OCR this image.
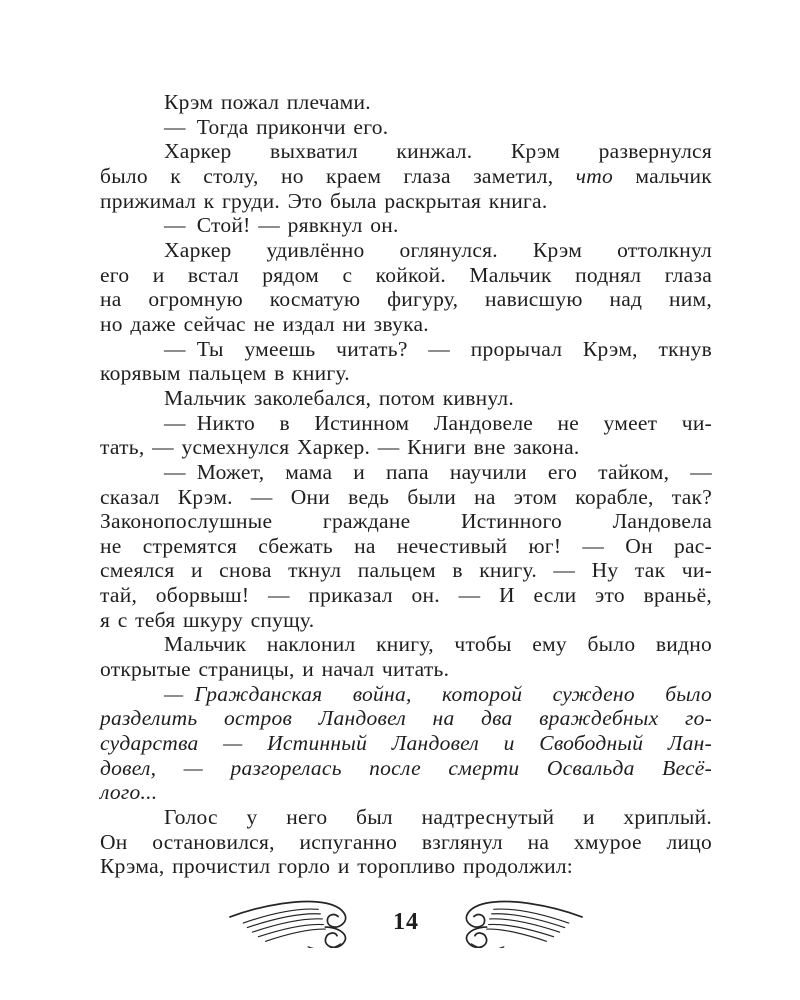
Крэм пожал плечами.
— Тогда прикончи его.
Харкер выхватил кинжал. Крэм развернулся
было к столу, но краем глаза заметил, что мальчик
прижимал к груди. Это была раскрытая книга.
— Стой! — рявкнул он.
Харкер удивлённо оглянулся. Крэм оттолкнул
его и встал рядом с койкой. Мальчик поднял глаза
на огромную косматую фигуру, нависшую над ним,
но даже сейчас не издал ни звука.
— Ты умеешь читать? — прорычал Крэм, ткнув
корявым пальцем в книгу.
Мальчик заколебался, потом кивнул.
— Никто в Истинном Ландовеле не умеет чи-
тать, — усмехнулся Харкер. — Книги вне закона.
— Может, мама и папа научили его тайком, —
сказал Крэм. — Они ведь были на этом корабле, так?
Законопослушные граждане Истинного Ландовела
не стремятся сбежать на нечестивый юг! — Он рас-
смеялся и снова ткнул пальцем в книгу. — Ну так чи-
тай, оборвыш! — приказал он. — И если это враньё,
я с тебя шкуру спущу.
Мальчик наклонил книгу, чтобы ему было видно
открытые страницы, и начал читать.
— Гражданская война, которой суждено было
разделить остров Ландовел на два враждебных го-
сударства — Истинный Ландовел и Свободный Лан-
довел, — разгорелась после смерти Освальда Весё-
лого...
Голос у него был надтреснутый и хриплый.
Он остановился, испуганно взглянул на хмурое лицо
Крэма, прочистил горло и торопливо продолжил:
14
